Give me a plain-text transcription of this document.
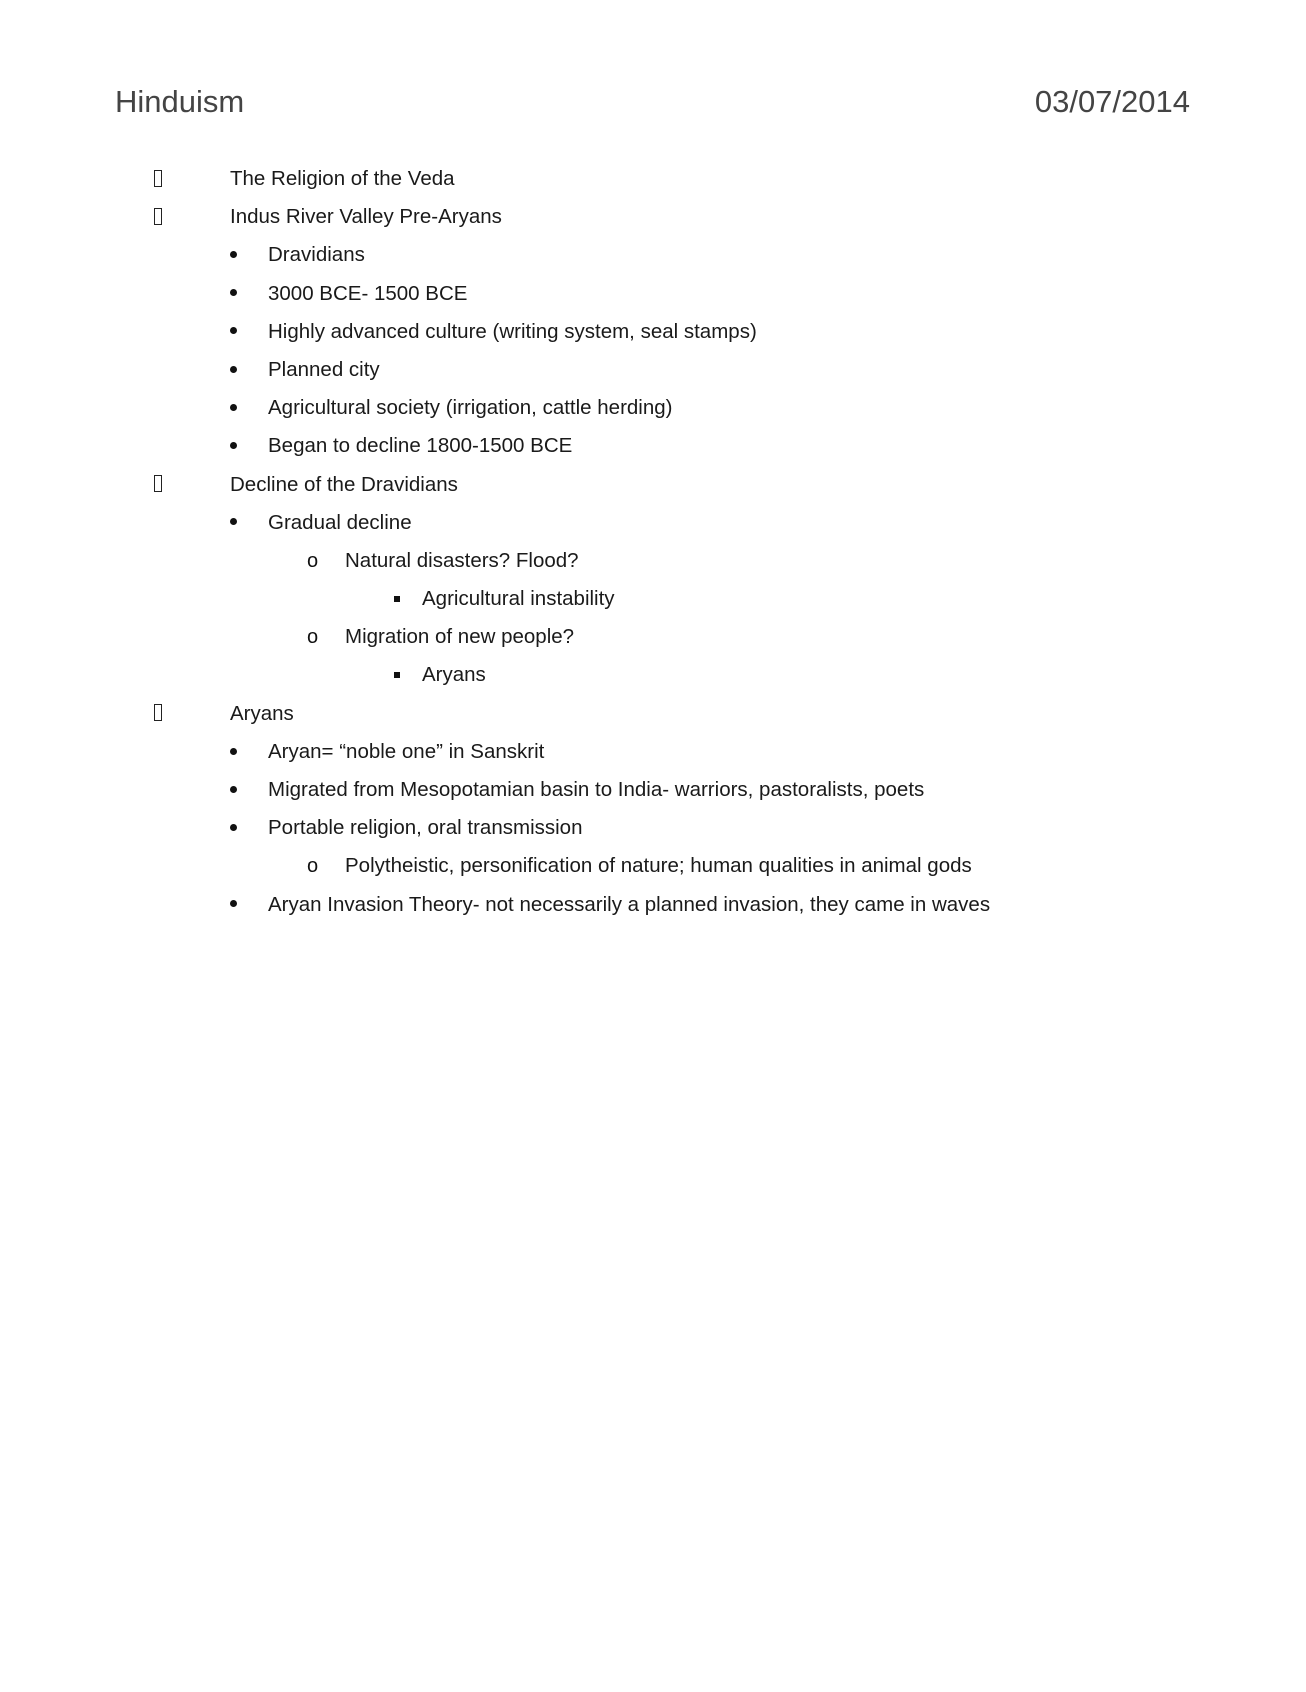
Hinduism	03/07/2014
The Religion of the Veda
Indus River Valley Pre-Aryans
Dravidians
3000 BCE- 1500 BCE
Highly advanced culture (writing system, seal stamps)
Planned city
Agricultural society (irrigation, cattle herding)
Began to decline 1800-1500 BCE
Decline of the Dravidians
Gradual decline
o Natural disasters? Flood?
Agricultural instability
o Migration of new people?
Aryans
Aryans
Aryan= “noble one” in Sanskrit
Migrated from Mesopotamian basin to India- warriors, pastoralists, poets
Portable religion, oral transmission
o Polytheistic, personification of nature; human qualities in animal gods
Aryan Invasion Theory- not necessarily a planned invasion, they came in waves
